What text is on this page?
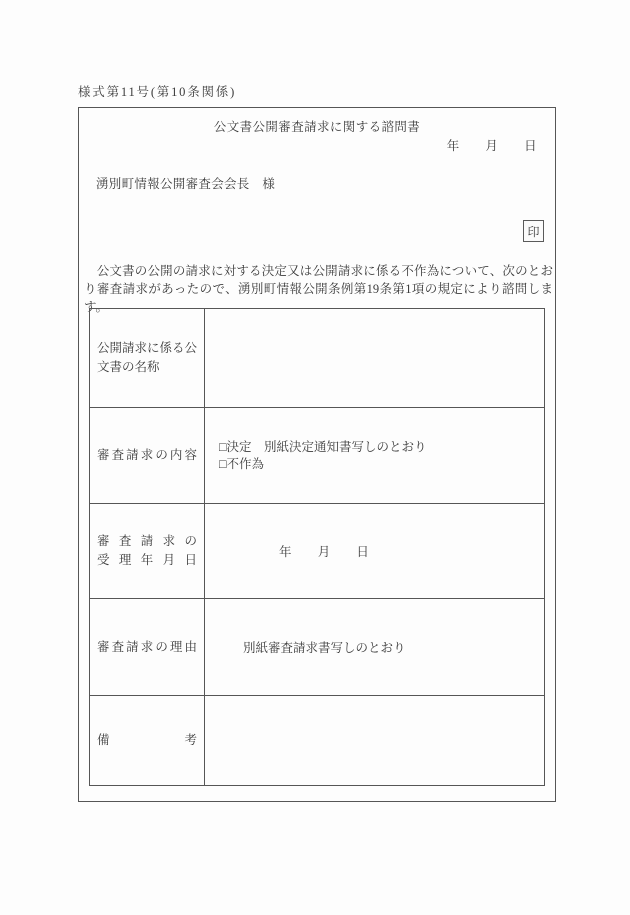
様式第11号(第10条関係)
公文書公開審査請求に関する諮問書
年　　月　　日
湧別町情報公開審査会会長　様
印
　公文書の公開の請求に対する決定又は公開請求に係る不作為について、次のとおり審査請求があったので、湧別町情報公開条例第19条第1項の規定により諮問します。
公開請求に係る公
文書の名称	

審査請求の内容	□決定　別紙決定通知書写しのとおり
□不作為

審査請求の
受理年月日	年　　月　　日

審査請求の理由	別紙審査請求書写しのとおり

備考	
